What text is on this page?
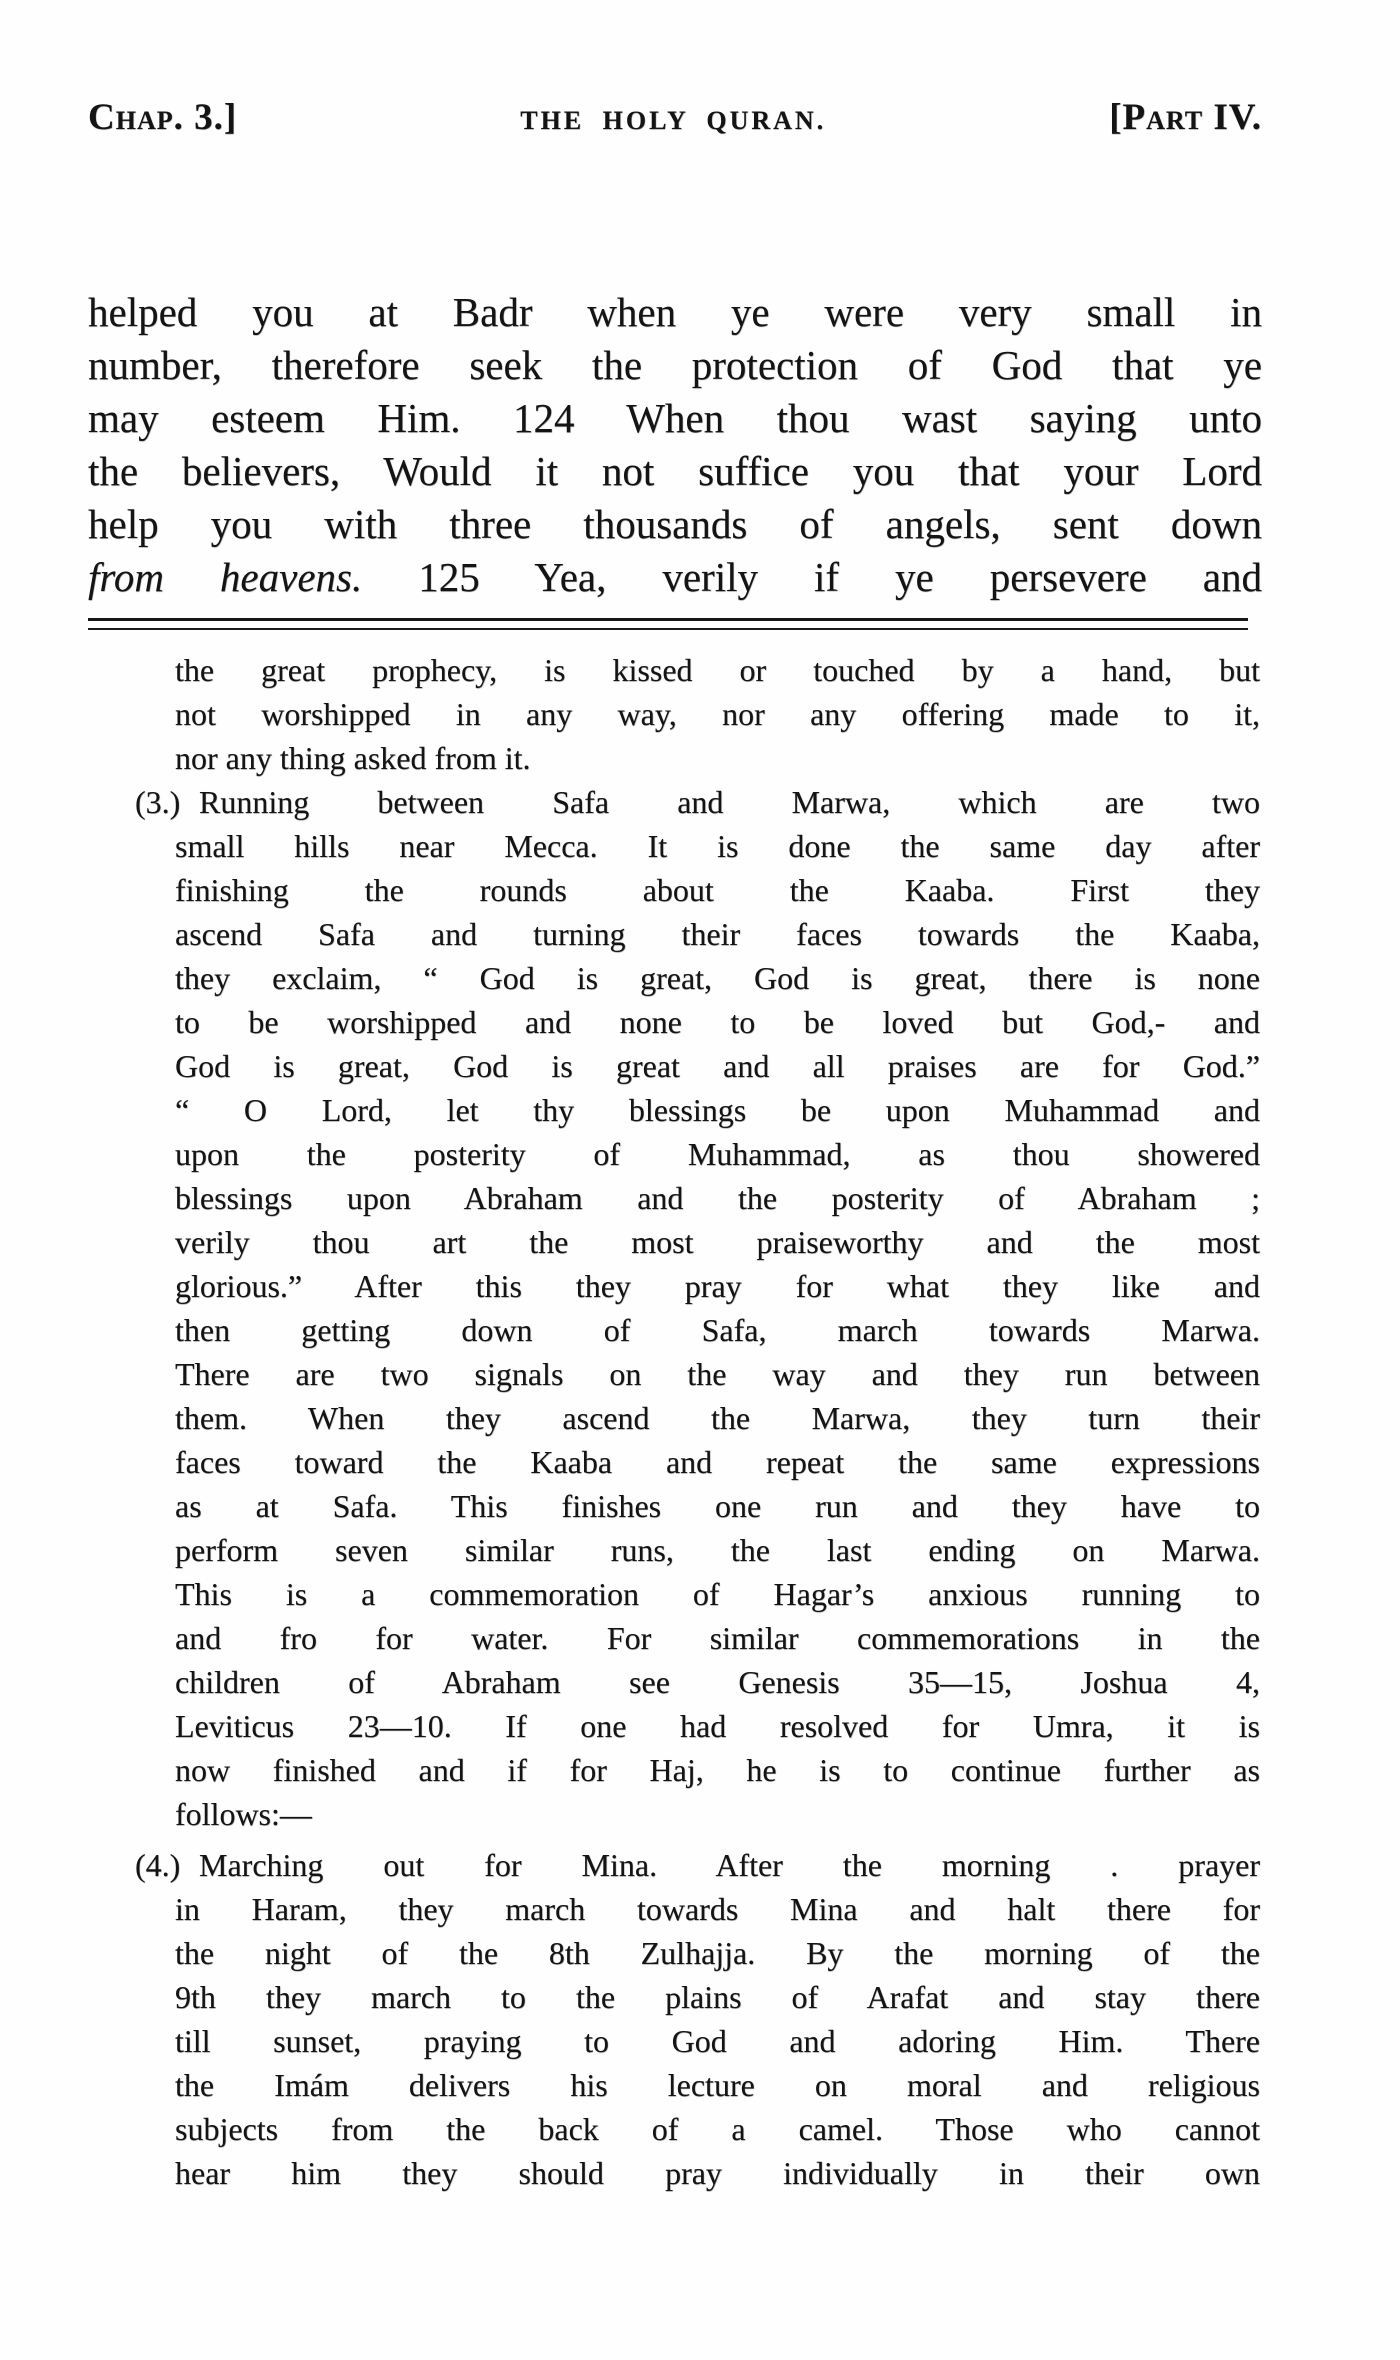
Chap. 3.]	THE HOLY QURAN.	[Part IV.
helped you at Badr when ye were very small in
number, therefore seek the protection of God that ye
may esteem Him. 124 When thou wast saying unto
the believers, Would it not suffice you that your Lord
help you with three thousands of angels, sent down
from heavens. 125 Yea, verily if ye persevere and
the great prophecy, is kissed or touched by a hand, but
not worshipped in any way, nor any offering made to it,
nor any thing asked from it.
(3.) Running between Safa and Marwa, which are two
small hills near Mecca. It is done the same day after
finishing the rounds about the Kaaba. First they
ascend Safa and turning their faces towards the Kaaba,
they exclaim, “ God is great, God is great, there is none
to be worshipped and none to be loved but God,- and
God is great, God is great and all praises are for God.”
“ O Lord, let thy blessings be upon Muhammad and
upon the posterity of Muhammad, as thou showered
blessings upon Abraham and the posterity of Abraham ;
verily thou art the most praiseworthy and the most
glorious.” After this they pray for what they like and
then getting down of Safa, march towards Marwa.
There are two signals on the way and they run between
them. When they ascend the Marwa, they turn their
faces toward the Kaaba and repeat the same expressions
as at Safa. This finishes one run and they have to
perform seven similar runs, the last ending on Marwa.
This is a commemoration of Hagar’s anxious running to
and fro for water. For similar commemorations in the
children of Abraham see Genesis 35—15, Joshua 4,
Leviticus 23—10. If one had resolved for Umra, it is
now finished and if for Haj, he is to continue further as
follows:—
(4.) Marching out for Mina. After the morning . prayer
in Haram, they march towards Mina and halt there for
the night of the 8th Zulhajja. By the morning of the
9th they march to the plains of Arafat and stay there
till sunset, praying to God and adoring Him. There
the Imám delivers his lecture on moral and religious
subjects from the back of a camel. Those who cannot
hear him they should pray individually in their own
